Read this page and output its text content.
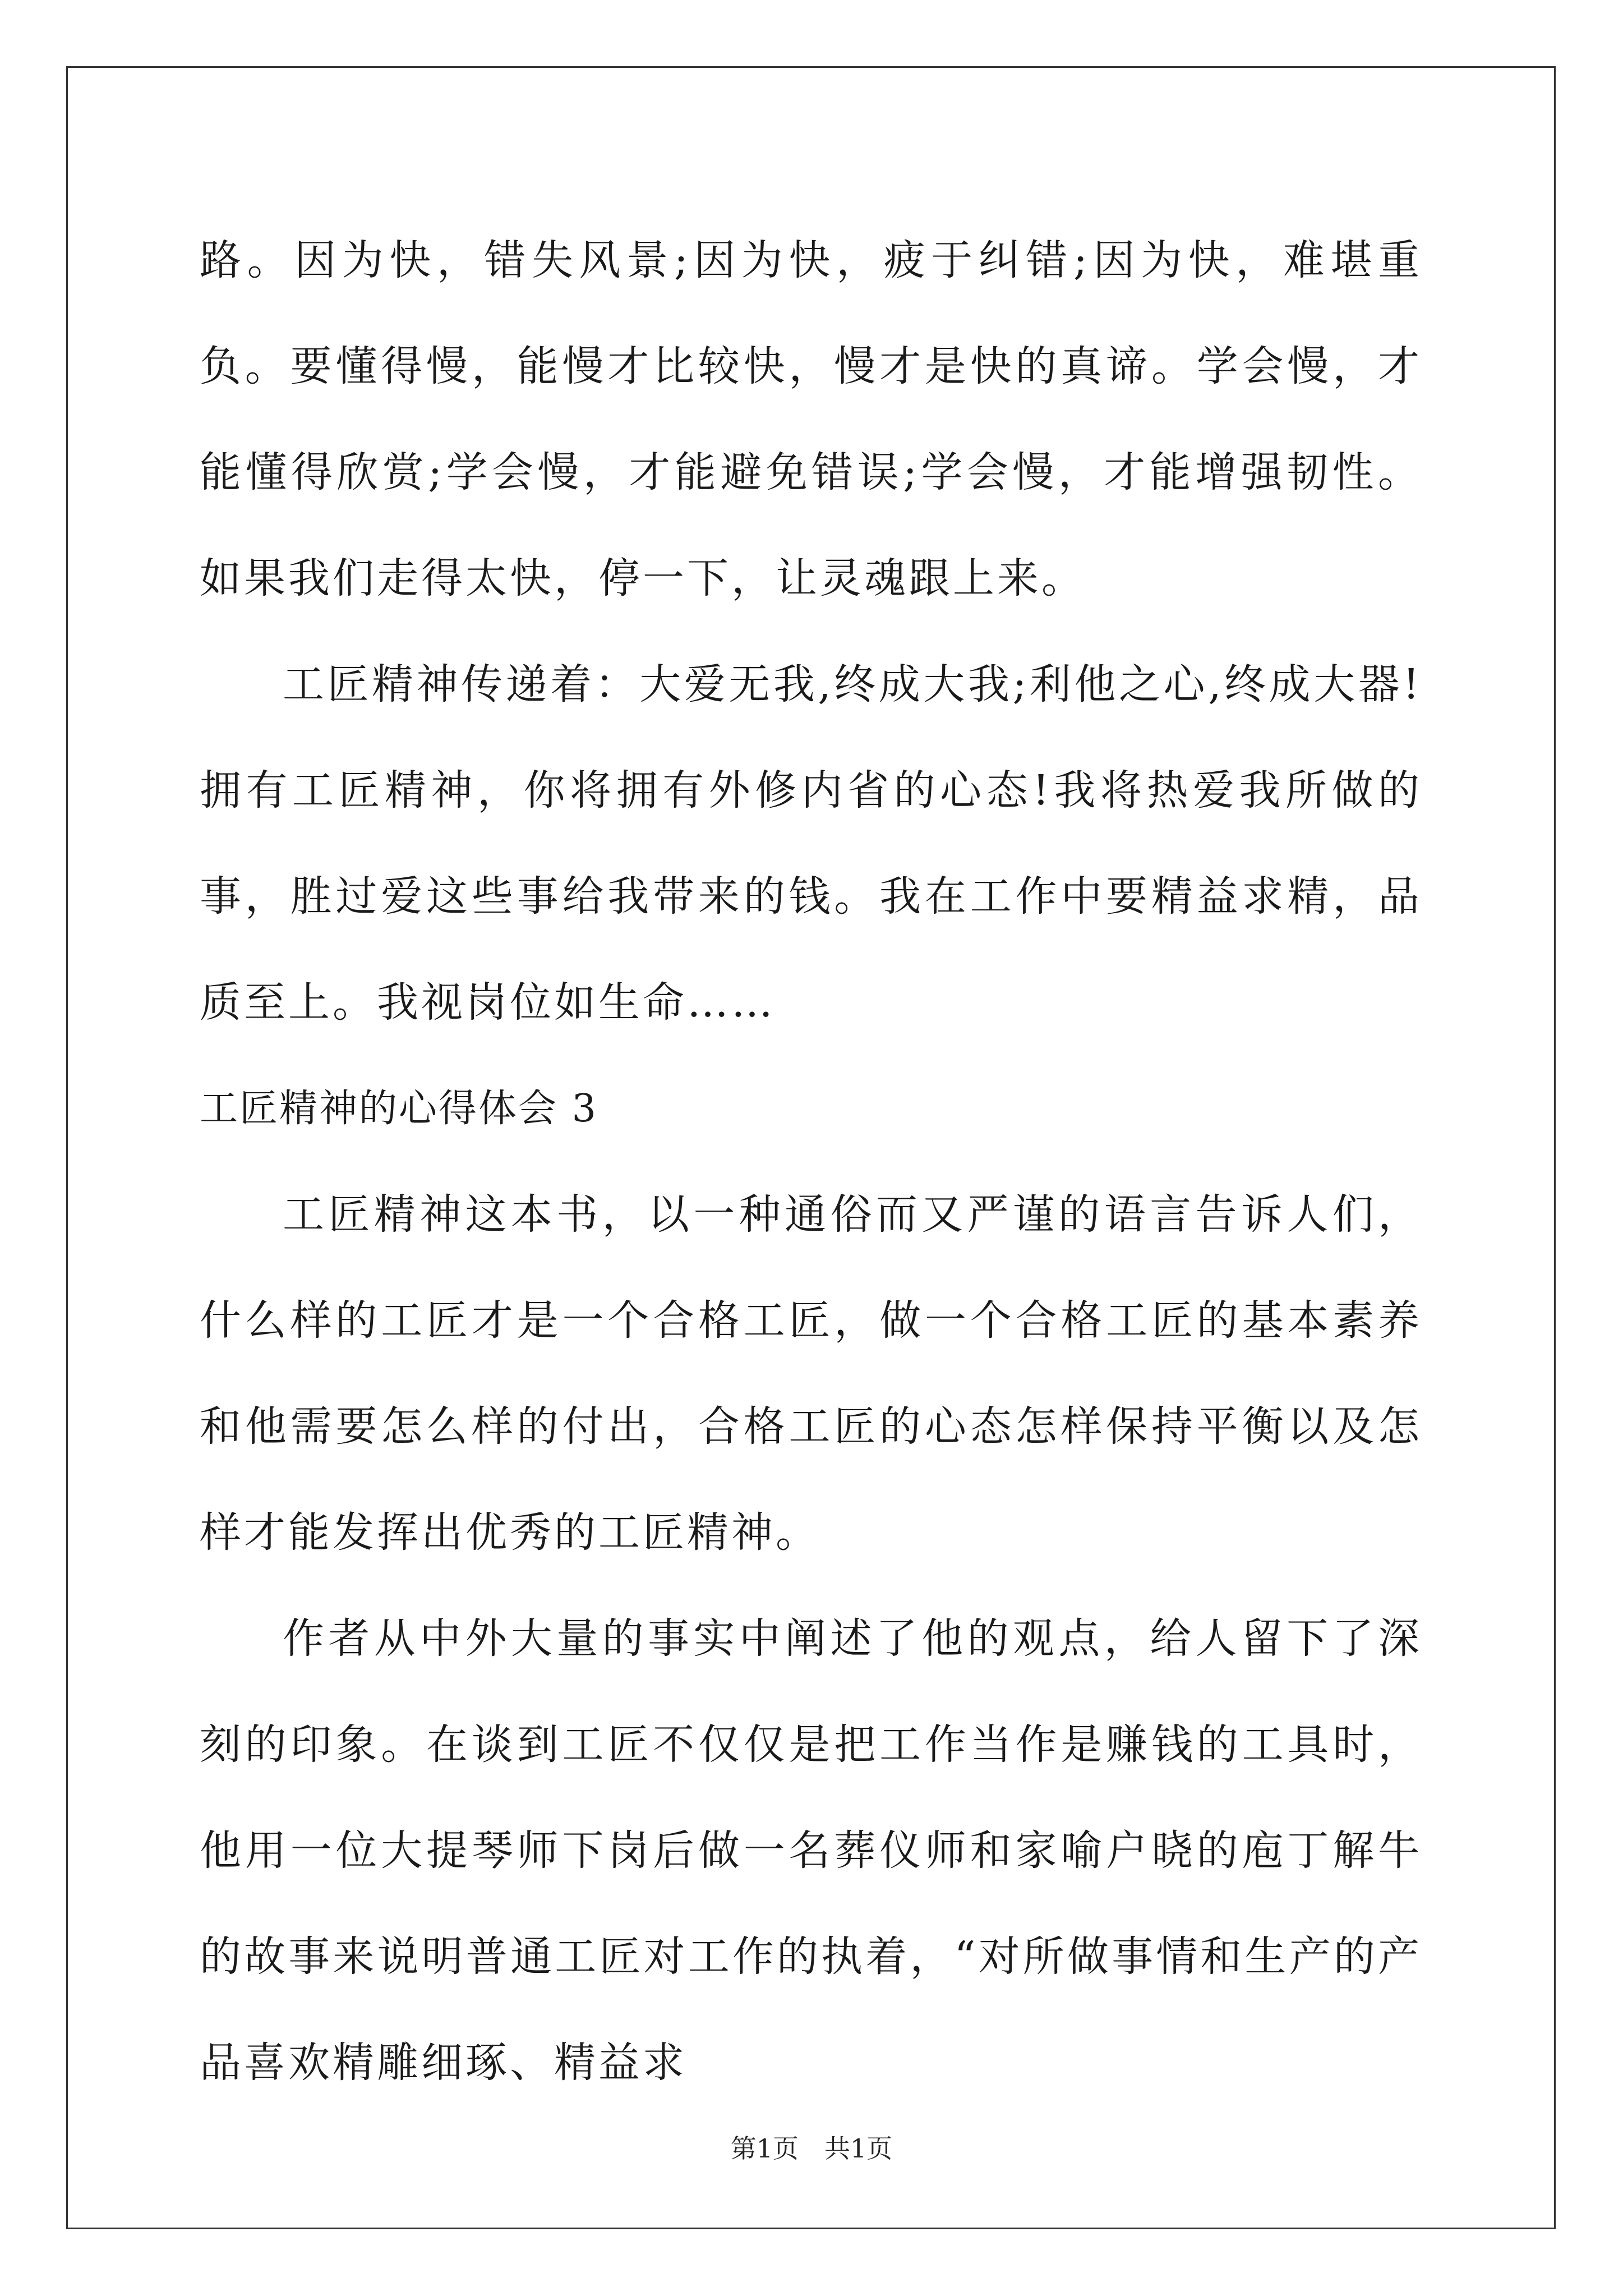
路。因为快，错失风景;因为快，疲于纠错;因为快，难堪重负。要懂得慢，能慢才比较快，慢才是快的真谛。学会慢，才能懂得欣赏;学会慢，才能避免错误;学会慢，才能增强韧性。如果我们走得太快，停一下，让灵魂跟上来。

工匠精神传递着：大爱无我,终成大我;利他之心,终成大器!拥有工匠精神，你将拥有外修内省的心态!我将热爱我所做的事，胜过爱这些事给我带来的钱。我在工作中要精益求精，品质至上。我视岗位如生命……

工匠精神的心得体会 3

工匠精神这本书，以一种通俗而又严谨的语言告诉人们，什么样的工匠才是一个合格工匠，做一个合格工匠的基本素养和他需要怎么样的付出，合格工匠的心态怎样保持平衡以及怎样才能发挥出优秀的工匠精神。

作者从中外大量的事实中阐述了他的观点，给人留下了深刻的印象。在谈到工匠不仅仅是把工作当作是赚钱的工具时，他用一位大提琴师下岗后做一名葬仪师和家喻户晓的庖丁解牛的故事来说明普通工匠对工作的执着，“对所做事情和生产的产品喜欢精雕细琢、精益求

第1页 共1页
